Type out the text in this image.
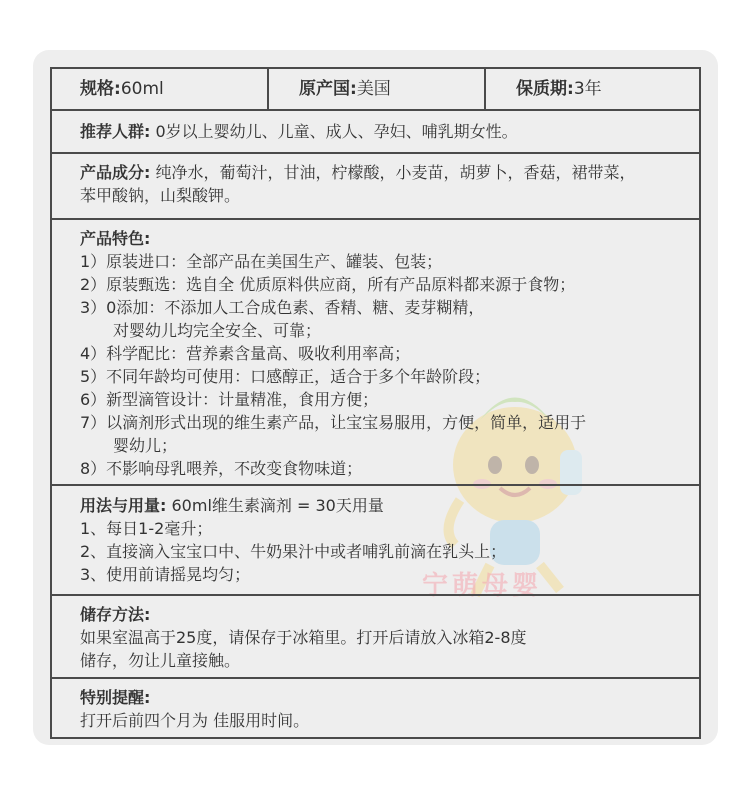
宁萌母婴
规格: 60ml	原产国: 美国	保质期: 3年
推荐人群: 0岁以上婴幼儿、儿童、成人、孕妇、哺乳期女性。
产品成分: 纯净水，葡萄汁，甘油，柠檬酸，小麦苗，胡萝卜，香菇，裙带菜，
苯甲酸钠，山梨酸钾。
产品特色:
1）原装进口：全部产品在美国生产、罐装、包装；
2）原装甄选：选自全 优质原料供应商，所有产品原料都来源于食物；
3）0添加：不添加人工合成色素、香精、糖、麦芽糊精，
对婴幼儿均完全安全、可靠；
4）科学配比：营养素含量高、吸收利用率高；
5）不同年龄均可使用：口感醇正，适合于多个年龄阶段；
6）新型滴管设计：计量精准，食用方便；
7）以滴剂形式出现的维生素产品，让宝宝易服用，方便，简单，适用于
婴幼儿；
8）不影响母乳喂养，不改变食物味道；
用法与用量: 60ml维生素滴剂 = 30天用量
1、每日1-2毫升；
2、直接滴入宝宝口中、牛奶果汁中或者哺乳前滴在乳头上；
3、使用前请摇晃均匀；
储存方法:
如果室温高于25度，请保存于冰箱里。打开后请放入冰箱2-8度
储存，勿让儿童接触。
特别提醒:
打开后前四个月为 佳服用时间。
